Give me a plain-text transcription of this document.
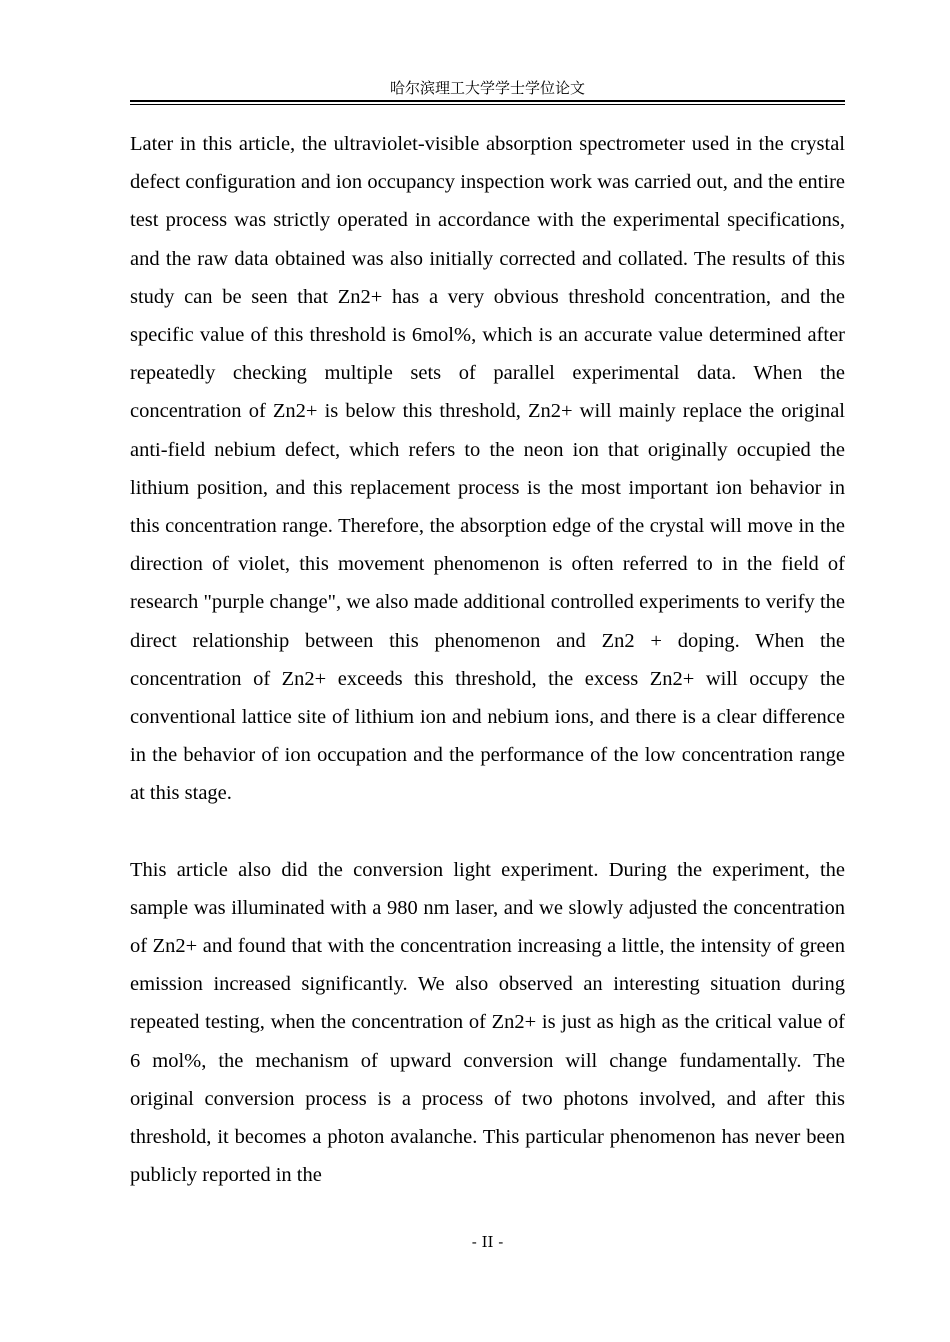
哈尔滨理工大学学士学位论文

Later in this article, the ultraviolet-visible absorption spectrometer used in the crystal defect configuration and ion occupancy inspection work was carried out, and the entire test process was strictly operated in accordance with the experimental specifications, and the raw data obtained was also initially corrected and collated. The results of this study can be seen that Zn2+ has a very obvious threshold concentration, and the specific value of this threshold is 6mol%, which is an accurate value determined after repeatedly checking multiple sets of parallel experimental data. When the concentration of Zn2+ is below this threshold, Zn2+ will mainly replace the original anti-field nebium defect, which refers to the neon ion that originally occupied the lithium position, and this replacement process is the most important ion behavior in this concentration range. Therefore, the absorption edge of the crystal will move in the direction of violet, this movement phenomenon is often referred to in the field of research "purple change", we also made additional controlled experiments to verify the direct relationship between this phenomenon and Zn2 + doping. When the concentration of Zn2+ exceeds this threshold, the excess Zn2+ will occupy the conventional lattice site of lithium ion and nebium ions, and there is a clear difference in the behavior of ion occupation and the performance of the low concentration range at this stage.

This article also did the conversion light experiment. During the experiment, the sample was illuminated with a 980 nm laser, and we slowly adjusted the concentration of Zn2+ and found that with the concentration increasing a little, the intensity of green emission increased significantly. We also observed an interesting situation during repeated testing, when the concentration of Zn2+ is just as high as the critical value of 6 mol%, the mechanism of upward conversion will change fundamentally. The original conversion process is a process of two photons involved, and after this threshold, it becomes a photon avalanche. This particular phenomenon has never been publicly reported in the

- II -
